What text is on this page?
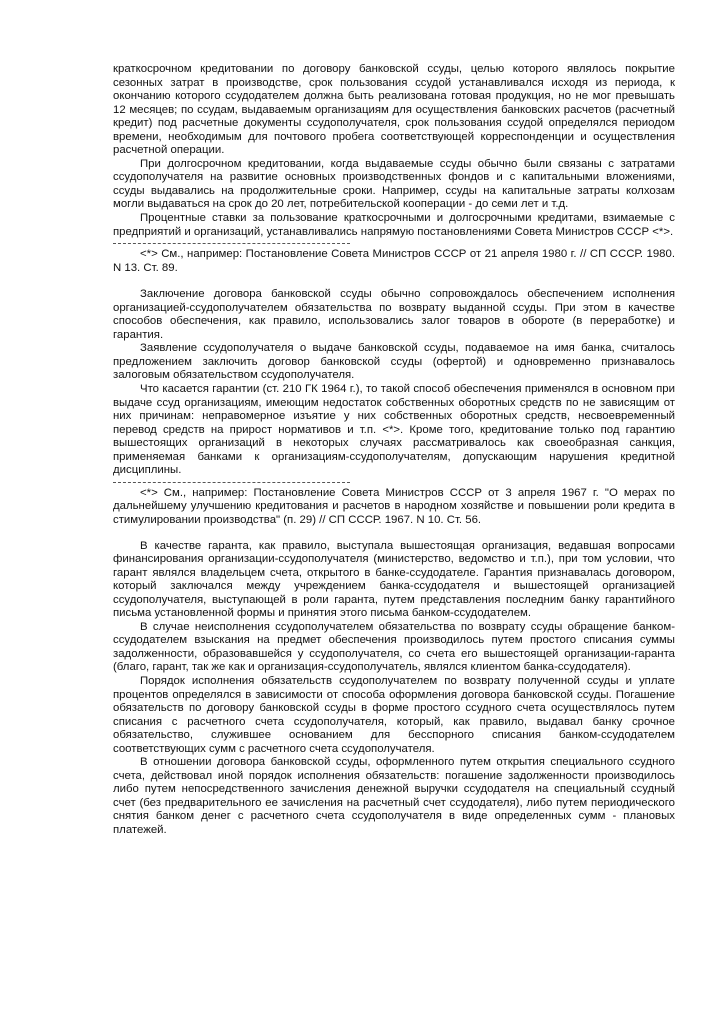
краткосрочном кредитовании по договору банковской ссуды, целью которого являлось покрытие сезонных затрат в производстве, срок пользования ссудой устанавливался исходя из периода, к окончанию которого ссудодателем должна быть реализована готовая продукция, но не мог превышать 12 месяцев; по ссудам, выдаваемым организациям для осуществления банковских расчетов (расчетный кредит) под расчетные документы ссудополучателя, срок пользования ссудой определялся периодом времени, необходимым для почтового пробега соответствующей корреспонденции и осуществления расчетной операции.

При долгосрочном кредитовании, когда выдаваемые ссуды обычно были связаны с затратами ссудополучателя на развитие основных производственных фондов и с капитальными вложениями, ссуды выдавались на продолжительные сроки. Например, ссуды на капитальные затраты колхозам могли выдаваться на срок до 20 лет, потребительской кооперации - до семи лет и т.д.

Процентные ставки за пользование краткосрочными и долгосрочными кредитами, взимаемые с предприятий и организаций, устанавливались напрямую постановлениями Совета Министров СССР <*>.

<*> См., например: Постановление Совета Министров СССР от 21 апреля 1980 г. // СП СССР. 1980. N 13. Ст. 89.

Заключение договора банковской ссуды обычно сопровождалось обеспечением исполнения организацией-ссудополучателем обязательства по возврату выданной ссуды. При этом в качестве способов обеспечения, как правило, использовались залог товаров в обороте (в переработке) и гарантия.

Заявление ссудополучателя о выдаче банковской ссуды, подаваемое на имя банка, считалось предложением заключить договор банковской ссуды (офертой) и одновременно признавалось залоговым обязательством ссудополучателя.

Что касается гарантии (ст. 210 ГК 1964 г.), то такой способ обеспечения применялся в основном при выдаче ссуд организациям, имеющим недостаток собственных оборотных средств по не зависящим от них причинам: неправомерное изъятие у них собственных оборотных средств, несвоевременный перевод средств на прирост нормативов и т.п. <*>. Кроме того, кредитование только под гарантию вышестоящих организаций в некоторых случаях рассматривалось как своеобразная санкция, применяемая банками к организациям-ссудополучателям, допускающим нарушения кредитной дисциплины.

<*> См., например: Постановление Совета Министров СССР от 3 апреля 1967 г. "О мерах по дальнейшему улучшению кредитования и расчетов в народном хозяйстве и повышении роли кредита в стимулировании производства" (п. 29) // СП СССР. 1967. N 10. Ст. 56.

В качестве гаранта, как правило, выступала вышестоящая организация, ведавшая вопросами финансирования организации-ссудополучателя (министерство, ведомство и т.п.), при том условии, что гарант являлся владельцем счета, открытого в банке-ссудодателе. Гарантия признавалась договором, который заключался между учреждением банка-ссудодателя и вышестоящей организацией ссудополучателя, выступающей в роли гаранта, путем представления последним банку гарантийного письма установленной формы и принятия этого письма банком-ссудодателем.

В случае неисполнения ссудополучателем обязательства по возврату ссуды обращение банком-ссудодателем взыскания на предмет обеспечения производилось путем простого списания суммы задолженности, образовавшейся у ссудополучателя, со счета его вышестоящей организации-гаранта (благо, гарант, так же как и организация-ссудополучатель, являлся клиентом банка-ссудодателя).

Порядок исполнения обязательств ссудополучателем по возврату полученной ссуды и уплате процентов определялся в зависимости от способа оформления договора банковской ссуды. Погашение обязательств по договору банковской ссуды в форме простого ссудного счета осуществлялось путем списания с расчетного счета ссудополучателя, который, как правило, выдавал банку срочное обязательство, служившее основанием для бесспорного списания банком-ссудодателем соответствующих сумм с расчетного счета ссудополучателя.

В отношении договора банковской ссуды, оформленного путем открытия специального ссудного счета, действовал иной порядок исполнения обязательств: погашение задолженности производилось либо путем непосредственного зачисления денежной выручки ссудодателя на специальный ссудный счет (без предварительного ее зачисления на расчетный счет ссудодателя), либо путем периодического снятия банком денег с расчетного счета ссудополучателя в виде определенных сумм - плановых платежей.
